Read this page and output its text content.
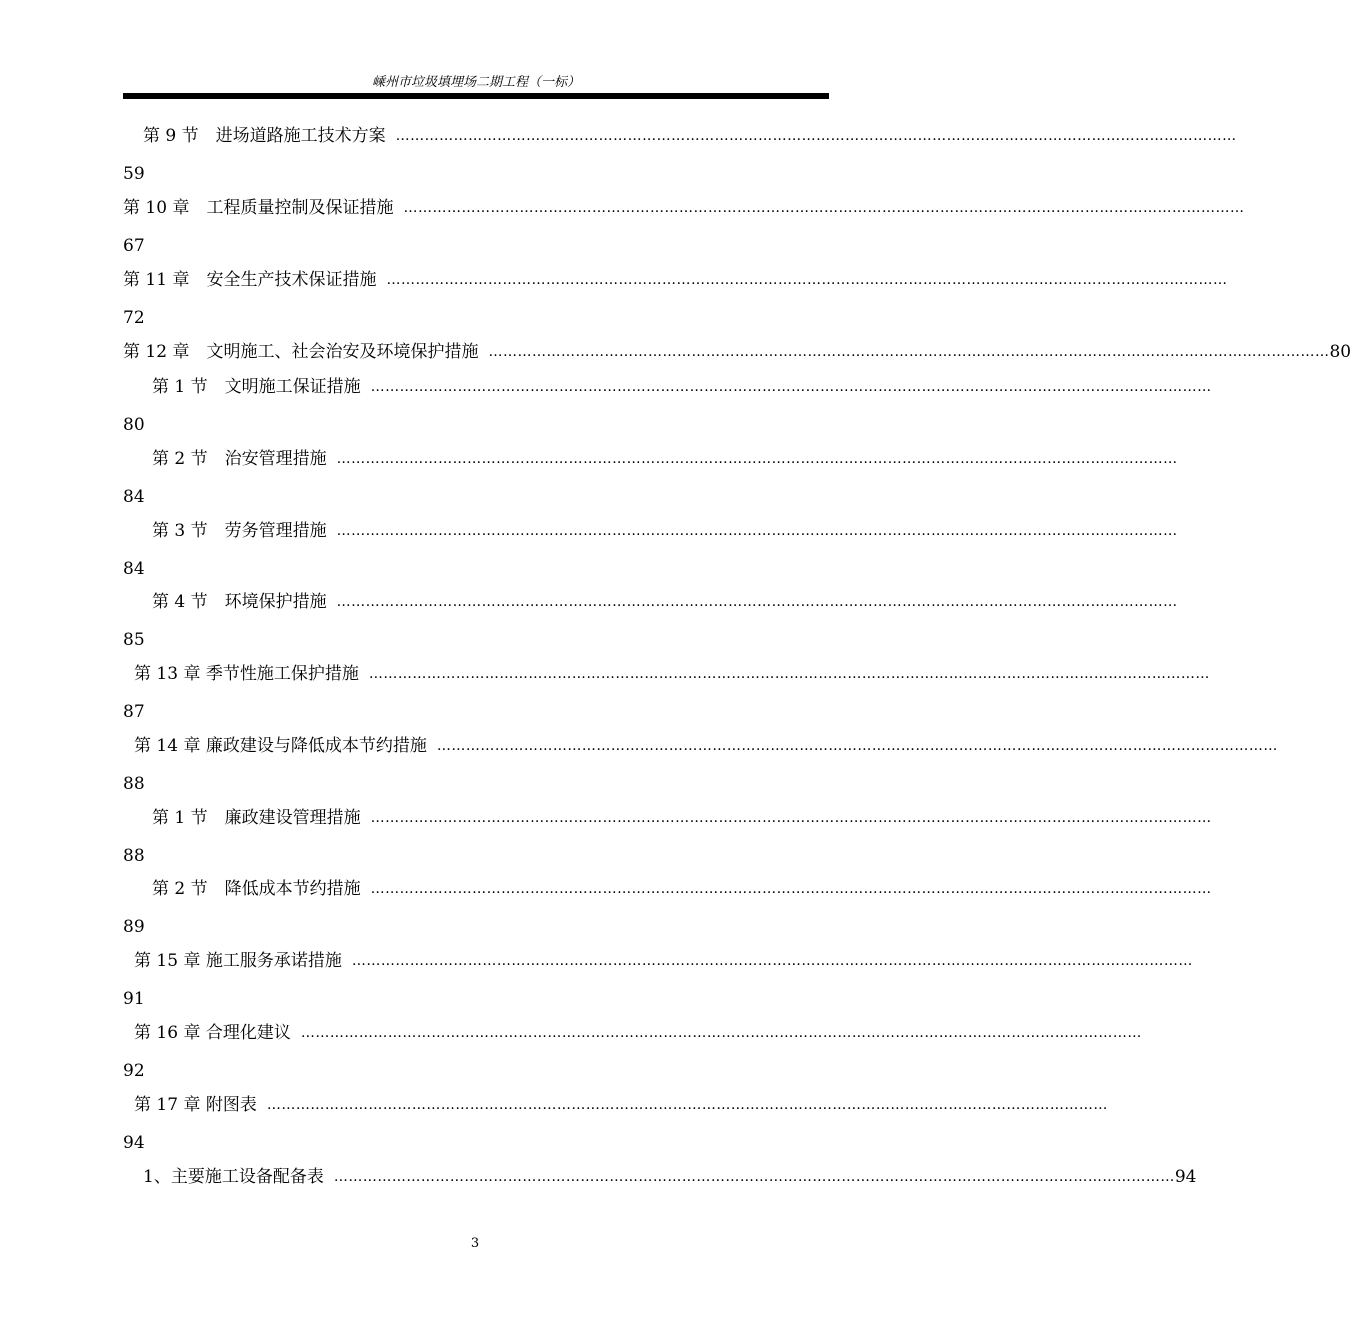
嵊州市垃圾填埋场二期工程（一标）
第 9 节　进场道路施工技术方案 …………………………………………………………………………………………………………………………………………………………
59
第 10 章　工程质量控制及保证措施 …………………………………………………………………………………………………………………………………………………………
67
第 11 章　安全生产技术保证措施 …………………………………………………………………………………………………………………………………………………………
72
第 12 章　文明施工、社会治安及环境保护措施 ………………………………………………………………………………………………………………………………………………………… 80
第 1 节　文明施工保证措施 …………………………………………………………………………………………………………………………………………………………
80
第 2 节　治安管理措施 …………………………………………………………………………………………………………………………………………………………
84
第 3 节　劳务管理措施 …………………………………………………………………………………………………………………………………………………………
84
第 4 节　环境保护措施 …………………………………………………………………………………………………………………………………………………………
85
第 13 章 季节性施工保护措施 …………………………………………………………………………………………………………………………………………………………
87
第 14 章 廉政建设与降低成本节约措施 …………………………………………………………………………………………………………………………………………………………
88
第 1 节　廉政建设管理措施 …………………………………………………………………………………………………………………………………………………………
88
第 2 节　降低成本节约措施 …………………………………………………………………………………………………………………………………………………………
89
第 15 章 施工服务承诺措施 …………………………………………………………………………………………………………………………………………………………
91
第 16 章 合理化建议 …………………………………………………………………………………………………………………………………………………………
92
第 17 章 附图表 …………………………………………………………………………………………………………………………………………………………
94
1、主要施工设备配备表 ………………………………………………………………………………………………………………………………………………………… 94
3
